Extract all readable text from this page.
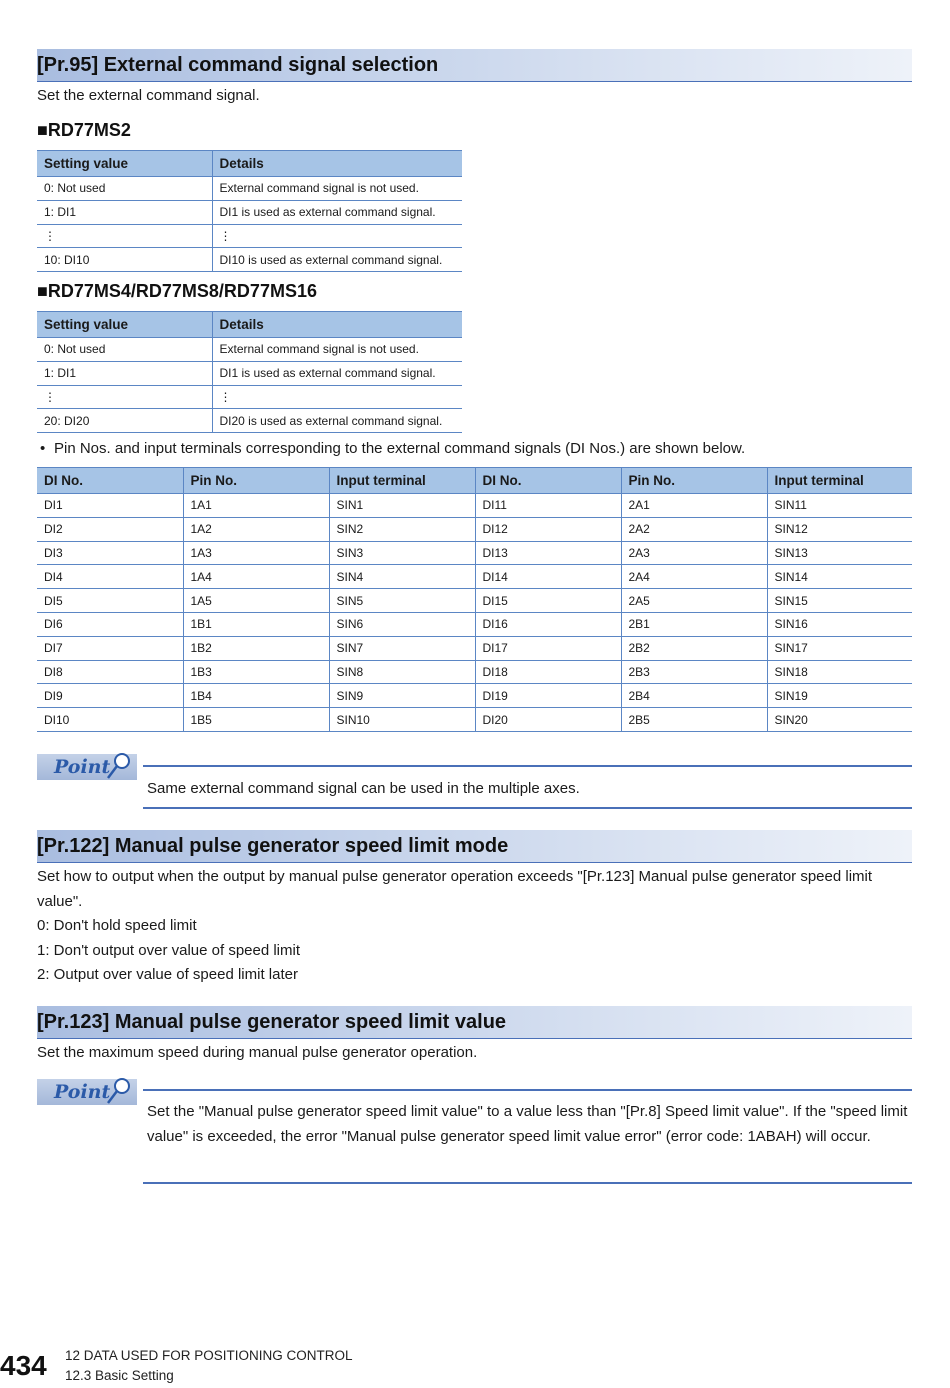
[Pr.95] External command signal selection
Set the external command signal.
■RD77MS2
Setting value	Details
0: Not used	External command signal is not used.
1: DI1	DI1 is used as external command signal.
⋮	⋮
10: DI10	DI10 is used as external command signal.
■RD77MS4/RD77MS8/RD77MS16
Setting value	Details
0: Not used	External command signal is not used.
1: DI1	DI1 is used as external command signal.
⋮	⋮
20: DI20	DI20 is used as external command signal.
• Pin Nos. and input terminals corresponding to the external command signals (DI Nos.) are shown below.
DI No.	Pin No.	Input terminal	DI No.	Pin No.	Input terminal
DI1	1A1	SIN1	DI11	2A1	SIN11
DI2	1A2	SIN2	DI12	2A2	SIN12
DI3	1A3	SIN3	DI13	2A3	SIN13
DI4	1A4	SIN4	DI14	2A4	SIN14
DI5	1A5	SIN5	DI15	2A5	SIN15
DI6	1B1	SIN6	DI16	2B1	SIN16
DI7	1B2	SIN7	DI17	2B2	SIN17
DI8	1B3	SIN8	DI18	2B3	SIN18
DI9	1B4	SIN9	DI19	2B4	SIN19
DI10	1B5	SIN10	DI20	2B5	SIN20
Point

Same external command signal can be used in the multiple axes.

[Pr.122] Manual pulse generator speed limit mode
Set how to output when the output by manual pulse generator operation exceeds "[Pr.123] Manual pulse generator speed limit value".
0: Don't hold speed limit
1: Don't output over value of speed limit
2: Output over value of speed limit later
[Pr.123] Manual pulse generator speed limit value
Set the maximum speed during manual pulse generator operation.
Point

Set the "Manual pulse generator speed limit value" to a value less than "[Pr.8] Speed limit value". If the "speed limit value" is exceeded, the error "Manual pulse generator speed limit value error" (error code: 1ABAH) will occur.

434 12 DATA USED FOR POSITIONING CONTROL
12.3 Basic Setting
